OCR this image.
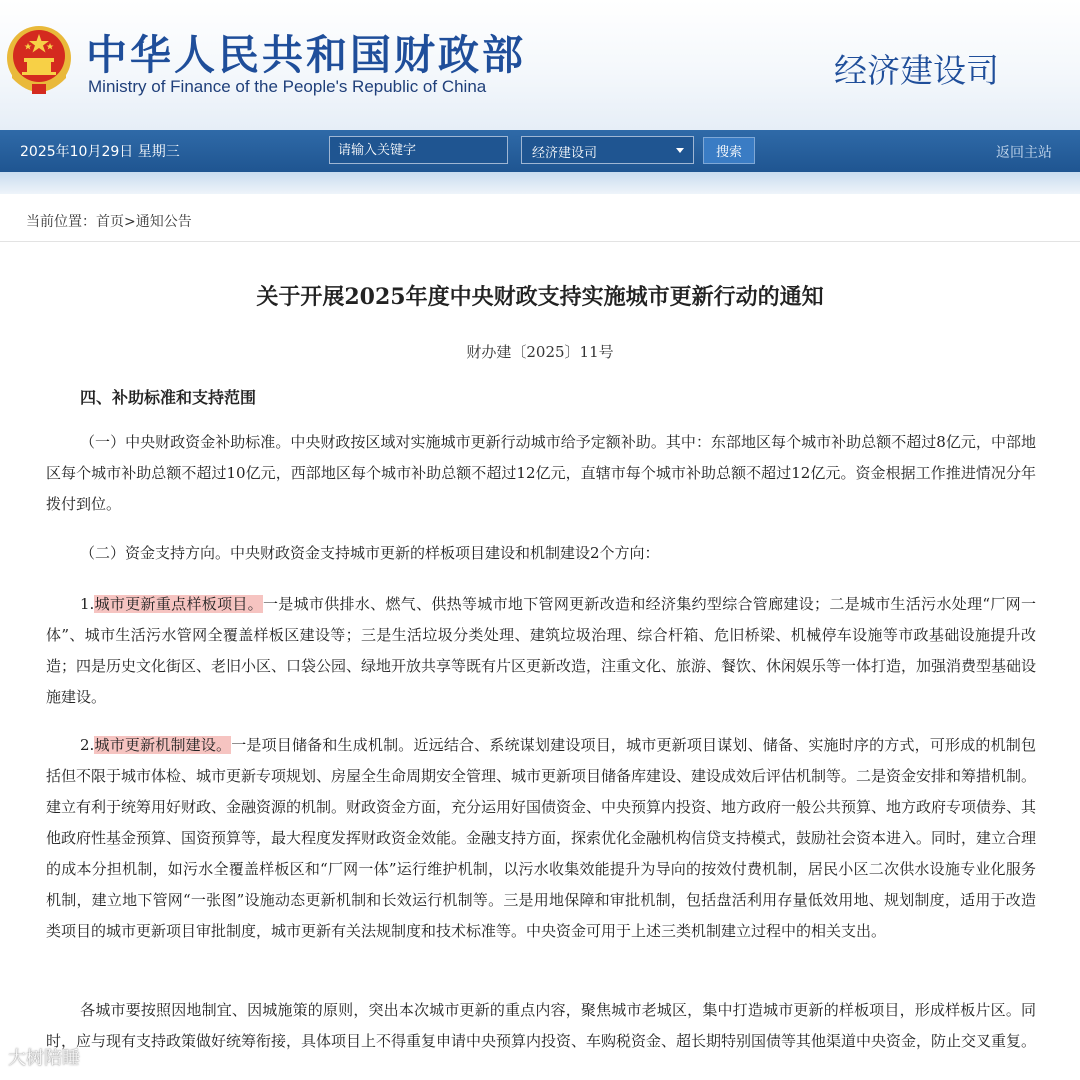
中华人民共和国财政部
Ministry of Finance of the People's Republic of China	经济建设司
2025年10月29日 星期三
请输入关键字	经济建设司	搜索	返回主站
当前位置：首页>通知公告
关于开展2025年度中央财政支持实施城市更新行动的通知
财办建〔2025〕11号
四、补助标准和支持范围
（一）中央财政资金补助标准。中央财政按区域对实施城市更新行动城市给予定额补助。其中：东部地区每个城市补助总额不超过8亿元，中部地区每个城市补助总额不超过10亿元，西部地区每个城市补助总额不超过12亿元，直辖市每个城市补助总额不超过12亿元。资金根据工作推进情况分年拨付到位。
（二）资金支持方向。中央财政资金支持城市更新的样板项目建设和机制建设2个方向：
1.城市更新重点样板项目。一是城市供排水、燃气、供热等城市地下管网更新改造和经济集约型综合管廊建设；二是城市生活污水处理“厂网一体”、城市生活污水管网全覆盖样板区建设等；三是生活垃圾分类处理、建筑垃圾治理、综合杆箱、危旧桥梁、机械停车设施等市政基础设施提升改造；四是历史文化街区、老旧小区、口袋公园、绿地开放共享等既有片区更新改造，注重文化、旅游、餐饮、休闲娱乐等一体打造，加强消费型基础设施建设。
2.城市更新机制建设。一是项目储备和生成机制。近远结合、系统谋划建设项目，城市更新项目谋划、储备、实施时序的方式，可形成的机制包括但不限于城市体检、城市更新专项规划、房屋全生命周期安全管理、城市更新项目储备库建设、建设成效后评估机制等。二是资金安排和筹措机制。建立有利于统筹用好财政、金融资源的机制。财政资金方面，充分运用好国债资金、中央预算内投资、地方政府一般公共预算、地方政府专项债券、其他政府性基金预算、国资预算等，最大程度发挥财政资金效能。金融支持方面，探索优化金融机构信贷支持模式，鼓励社会资本进入。同时，建立合理的成本分担机制，如污水全覆盖样板区和“厂网一体”运行维护机制，以污水收集效能提升为导向的按效付费机制，居民小区二次供水设施专业化服务机制，建立地下管网“一张图”设施动态更新机制和长效运行机制等。三是用地保障和审批机制，包括盘活利用存量低效用地、规划制度，适用于改造类项目的城市更新项目审批制度，城市更新有关法规制度和技术标准等。中央资金可用于上述三类机制建立过程中的相关支出。
各城市要按照因地制宜、因城施策的原则，突出本次城市更新的重点内容，聚焦城市老城区，集中打造城市更新的样板项目，形成样板片区。同时，应与现有支持政策做好统筹衔接，具体项目上不得重复申请中央预算内投资、车购税资金、超长期特别国债等其他渠道中央资金，防止交叉重复。
大树陪睡
